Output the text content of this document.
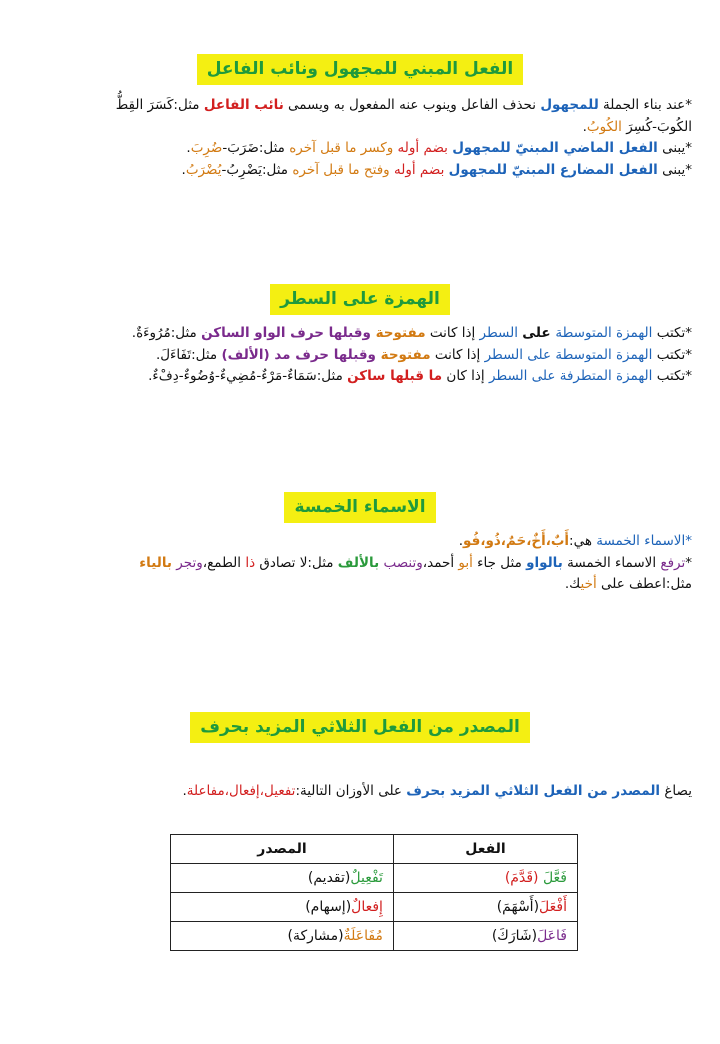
الفعل المبني للمجهول ونائب الفاعل
*عند بناء الجملة للمجهول نحذف الفاعل وينوب عنه المفعول به ويسمى نائب الفاعل مثل:كَسَرَ القِطُّ
الكُوبَ-كُسِرَ الكُوبُ.
*يبنى الفعل الماضي المبنيّ للمجهول بضم أوله وكسر ما قبل آخره مثل:ضَرَبَ-ضُرِبَ.
*يبنى الفعل المضارع المبنيّ للمجهول بضم أوله وفتح ما قبل آخره مثل:يَضْرِبُ-يُضْرَبُ.
الهمزة على السطر
*تكتب الهمزة المتوسطة على السطر إذا كانت مفتوحة وقبلها حرف الواو الساكن مثل:مُرُوءَةٌ.
*تكتب الهمزة المتوسطة على السطر إذا كانت مفتوحة وقبلها حرف مد (الألف) مثل:تَفَاءَلَ.
*تكتب الهمزة المتطرفة على السطر إذا كان ما قبلها ساكن مثل:سَمَاءٌ-مَرْءٌ-مُضِيءٌ-وُضُوءٌ-دِفْءٌ.
الاسماء الخمسة
*الاسماء الخمسة هي:أَبٌ،أَخٌ،حَمٌ،ذُو،فُو.
*ترفع الاسماء الخمسة بالواو مثل جاء أبو أحمد،وتنصب بالألف مثل:لا تصادق ذا الطمع،وتجر بالياء
مثل:اعطف على أخيك.
المصدر من الفعل الثلاثي المزيد بحرف
يصاغ المصدر من الفعل الثلاثي المزيد بحرف على الأوزان التالية:تفعيل،إفعال،مفاعلة.
الفعل	المصدر
فَعَّلَ (قَدَّمَ)	تَفْعِيلٌ(تقديم)
أَفْعَلَ(أَسْهَمَ)	إِفعالٌ(إسهام)
فَاعَلَ(شَارَكَ)	مُفَاعَلَةٌ(مشاركة)
